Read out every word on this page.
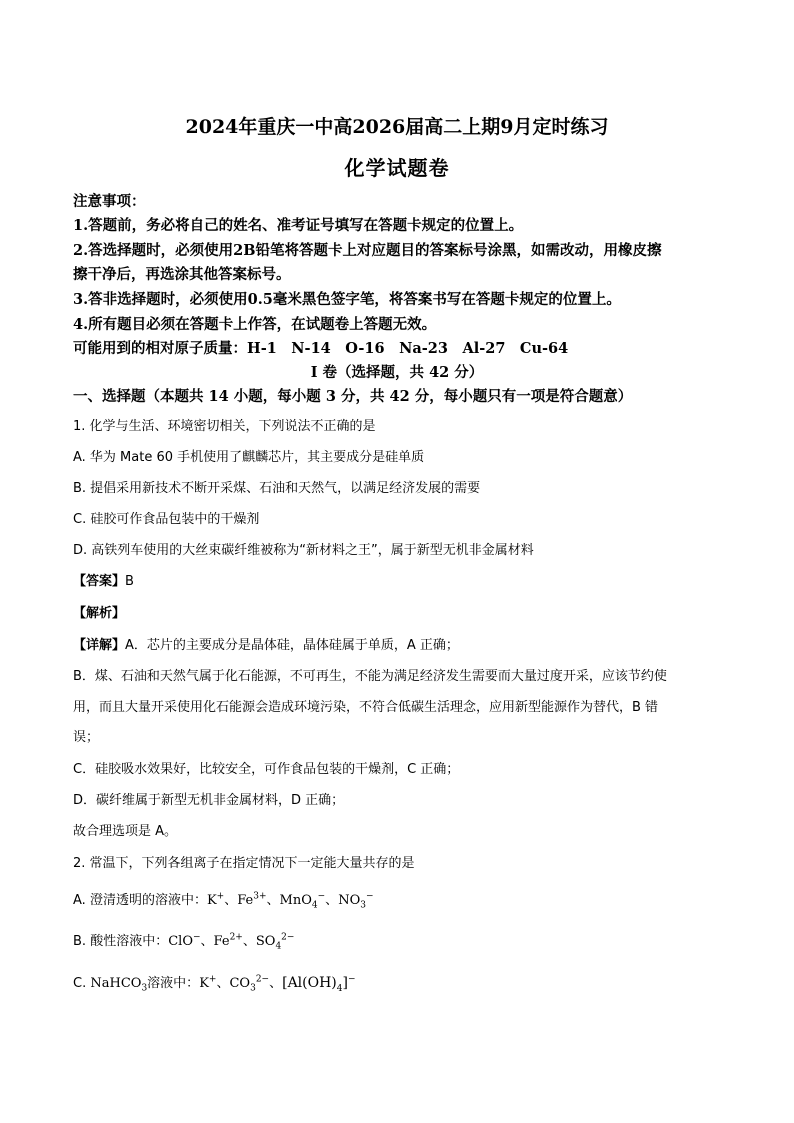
2024年重庆一中高2026届高二上期9月定时练习
化学试题卷
注意事项：
1.答题前，务必将自己的姓名、准考证号填写在答题卡规定的位置上。
2.答选择题时，必须使用2B铅笔将答题卡上对应题目的答案标号涂黑，如需改动，用橡皮擦
擦干净后，再选涂其他答案标号。
3.答非选择题时，必须使用0.5毫米黑色签字笔，将答案书写在答题卡规定的位置上。
4.所有题目必须在答题卡上作答，在试题卷上答题无效。
可能用到的相对原子质量：H-1　N-14　O-16　Na-23　Al-27　Cu-64
I 卷（选择题，共 42 分）
一、选择题（本题共 14 小题，每小题 3 分，共 42 分，每小题只有一项是符合题意）
1. 化学与生活、环境密切相关，下列说法不正确的是
A. 华为 Mate 60 手机使用了麒麟芯片，其主要成分是硅单质
B. 提倡采用新技术不断开采煤、石油和天然气，以满足经济发展的需要
C. 硅胶可作食品包装中的干燥剂
D. 高铁列车使用的大丝束碳纤维被称为“新材料之王”，属于新型无机非金属材料
【答案】B
【解析】
【详解】A．芯片的主要成分是晶体硅，晶体硅属于单质，A 正确；
B．煤、石油和天然气属于化石能源，不可再生，不能为满足经济发生需要而大量过度开采，应该节约使
用，而且大量开采使用化石能源会造成环境污染，不符合低碳生活理念，应用新型能源作为替代，B 错
误；
C．硅胶吸水效果好，比较安全，可作食品包装的干燥剂，C 正确；
D．碳纤维属于新型无机非金属材料，D 正确；
故合理选项是 A。
2. 常温下，下列各组离子在指定情况下一定能大量共存的是
A. 澄清透明的溶液中：K+、$Fe^{3+}$、MnO$_4$−、$NO_3^-$
B. 酸性溶液中：ClO−、$Fe^{2+}$、$SO_4^{2-}$
C. NaHCO$_3$溶液中：K+、$CO_3^{2-}$、$[Al(OH)_4]^-$
